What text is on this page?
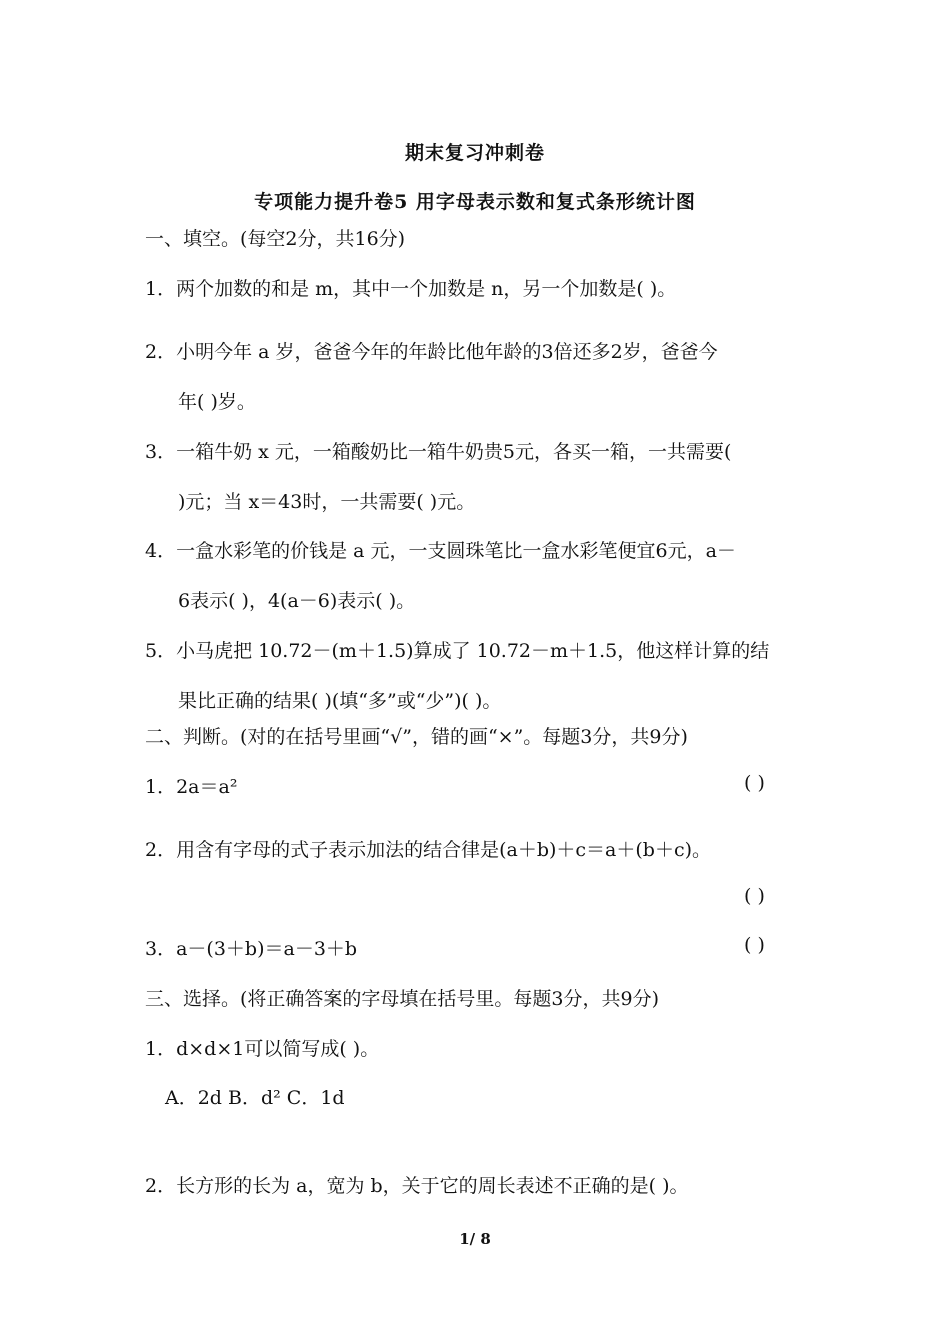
期末复习冲刺卷
专项能力提升卷5 用字母表示数和复式条形统计图
一、填空。(每空2分，共16分)
1．两个加数的和是 m，其中一个加数是 n，另一个加数是( )。
2．小明今年 a 岁，爸爸今年的年龄比他年龄的3倍还多2岁，爸爸今
年( )岁。
3．一箱牛奶 x 元，一箱酸奶比一箱牛奶贵5元，各买一箱，一共需要(
)元；当 x＝43时，一共需要( )元。
4．一盒水彩笔的价钱是 a 元，一支圆珠笔比一盒水彩笔便宜6元，a－
6表示( )，4(a－6)表示( )。
5．小马虎把 10.72－(m＋1.5)算成了 10.72－m＋1.5，他这样计算的结
果比正确的结果( )(填“多”或“少”)( )。
二、判断。(对的在括号里画“√”，错的画“×”。每题3分，共9分)
1．2a＝a²	( )
2．用含有字母的式子表示加法的结合律是(a＋b)＋c＝a＋(b＋c)。
( )
3．a－(3＋b)＝a－3＋b	( )
三、选择。(将正确答案的字母填在括号里。每题3分，共9分)
1．d×d×1可以简写成( )。
A．2d B．d² C．1d
2．长方形的长为 a，宽为 b，关于它的周长表述不正确的是( )。
1/ 8
